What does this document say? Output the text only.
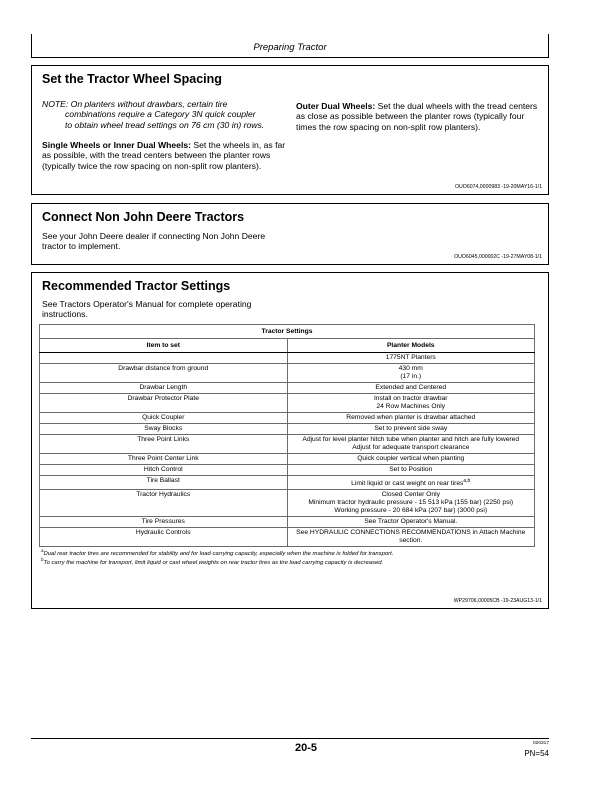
Preparing Tractor
Set the Tractor Wheel Spacing
NOTE: On planters without drawbars, certain tire
combinations require a Category 3N quick coupler
to obtain wheel tread settings on 76 cm (30 in) rows.
Single Wheels or Inner Dual Wheels: Set the wheels in, as far as possible, with the tread centers between the planter rows (typically twice the row spacing on non-split row planters).
Outer Dual Wheels: Set the dual wheels with the tread centers as close as possible between the planter rows (typically four times the row spacing on non-split row planters).
OUO6074,0000983 -19-20MAY16-1/1
Connect Non John Deere Tractors
See your John Deere dealer if connecting Non John Deere tractor to implement.
OUO6045,000002C -19-27MAY08-1/1
Recommended Tractor Settings
See Tractors Operator's Manual for complete operating instructions.
WP29706,00005CB -19-23AUG13-1/1
Tractor Settings	
Item to set	Planter Models

	1775NT Planters

Drawbar distance from ground	430 mm
(17 in.)

Drawbar Length	Extended and Centered

Drawbar Protector Plate	Install on tractor drawbar
24 Row Machines Only

Quick Coupler	Removed when planter is drawbar attached

Sway Blocks	Set to prevent side sway

Three Point Links	Adjust for level planter hitch tube when planter and hitch are fully lowered
Adjust for adequate transport clearance

Three Point Center Link	Quick coupler vertical when planting

Hitch Control	Set to Position

Tire Ballast	Limit liquid or cast weight on rear tires$^{a,b}$

Tractor Hydraulics	Closed Center Only
Minimum tractor hydraulic pressure - 15 513 kPa (155 bar) (2250 psi)
Working pressure - 20 684 kPa (207 bar) (3000 psi)

Tire Pressures	See Tractor Operator's Manual.

Hydraulic Controls	See HYDRAULIC CONNECTIONS RECOMMENDATIONS in Attach Machine section.
$^a$Dual rear tractor tires are recommended for stability and for load carrying capacity, especially when the machine is folded for transport.
$^b$To carry the machine for transport, limit liquid or cast wheel weights on rear tractor tires as tire load carrying capacity is decreased.
20-5	020317
PN=54
